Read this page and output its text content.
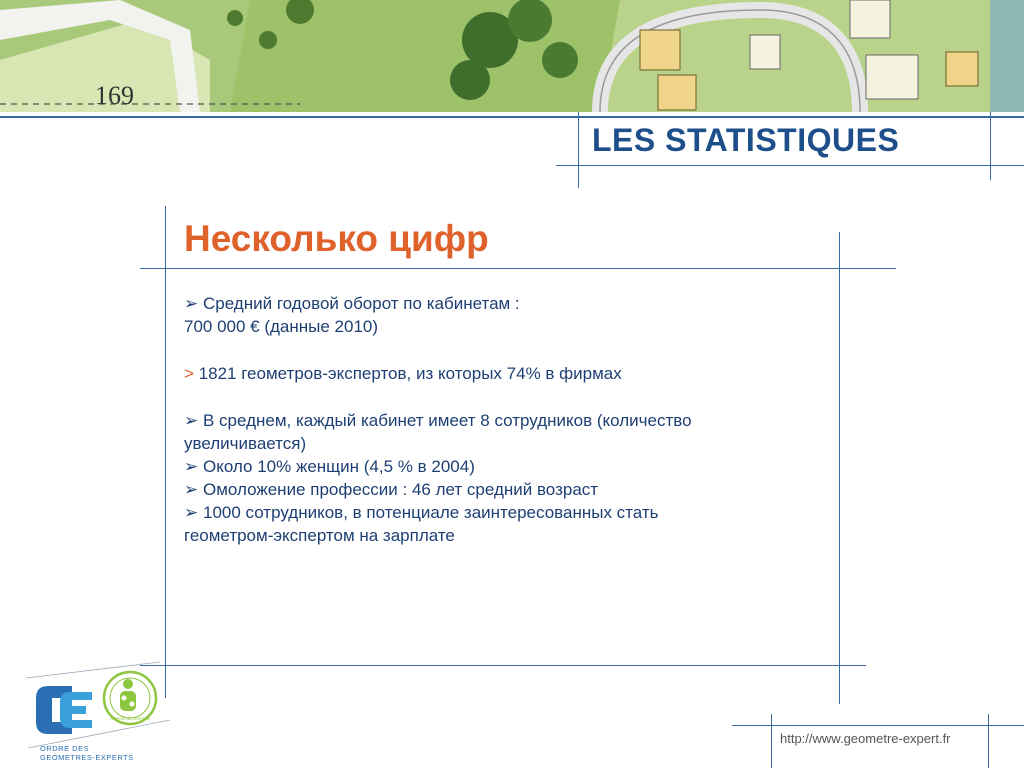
169
LES STATISTIQUES
Несколько цифр

➢ Средний годовой оборот по кабинетам :

700 000 € (данные 2010)

> 1821 геометров-экспертов, из которых 74% в фирмах

➢ В среднем, каждый кабинет имеет 8 сотрудников (количество

увеличивается)

➢ Около 10% женщин (4,5 % в 2004)

➢ Омоложение профессии : 46 лет средний возраст

➢ 1000 сотрудников, в потенциале заинтересованных стать

геометром-экспертом на зарплате

Acteurs du Grenelle
ORDRE DES
GEOMETRES-EXPERTS
http://www.geometre-expert.fr
